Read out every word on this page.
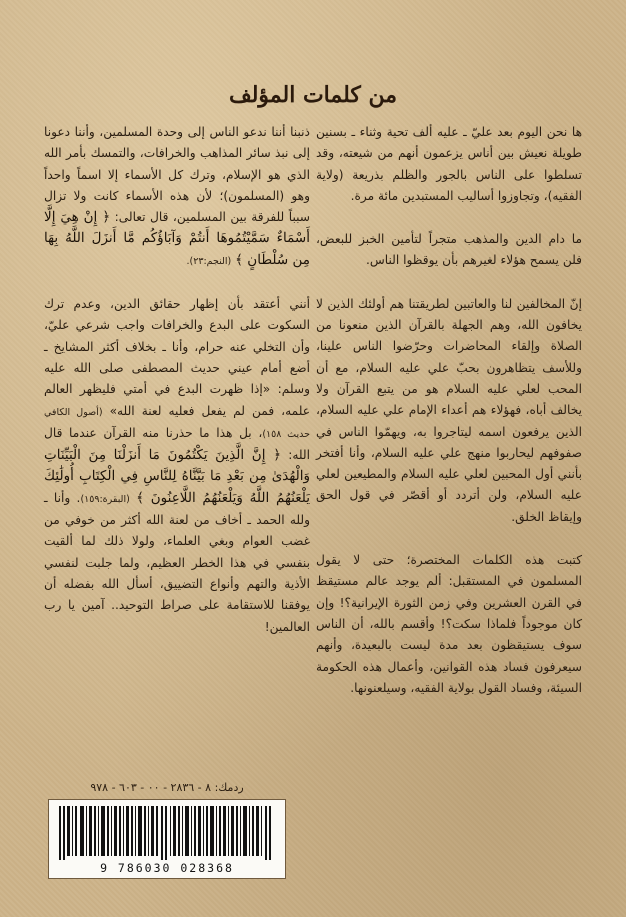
من كلمات المؤلف

ها نحن اليوم بعد عليّ ـ عليه ألف تحية وثناء ـ بسنين طويلة نعيش بين أناس يزعمون أنهم من شيعته، وقد تسلطوا على الناس بالجور والظلم بذريعة (ولاية الفقيه)، وتجاوزوا أساليب المستبدين مائة مرة.

ما دام الدين والمذهب متجراً لتأمين الخبز للبعض، فلن يسمح هؤلاء لغيرهم بأن يوقظوا الناس.

إنّ المخالفين لنا والعاتبين لطريقتنا هم أولئك الذين لا يخافون الله، وهم الجهلة بالقرآن الذين منعونا من الصلاة وإلقاء المحاضرات وحرّضوا الناس علينا، وللأسف يتظاهرون بحبّ علي عليه السلام، مع أن المحب لعلي عليه السلام هو من يتبع القرآن ولا يخالف أباه، فهؤلاء هم أعداء الإمام علي عليه السلام، الذين يرفعون اسمه ليتاجروا به، ويهمّوا الناس في صفوفهم ليحاربوا منهج علي عليه السلام، وأنا أفتخر بأنني أول المحبين لعلي عليه السلام والمطيعين لعلي عليه السلام، ولن أتردد أو أقصّر في قول الحق وإيقاظ الخلق.

كتبت هذه الكلمات المختصرة؛ حتى لا يقول المسلمون في المستقبل: ألم يوجد عالم مستيقظ في القرن العشرين وفي زمن الثورة الإيرانية؟! وإن كان موجوداً فلماذا سكت؟! وأقسم بالله، أن الناس سوف يستيقظون بعد مدة ليست بالبعيدة، وأنهم سيعرفون فساد هذه القوانين، وأعمال هذه الحكومة السيئة، وفساد القول بولاية الفقيه، وسيلعنونها.

ذنبنا أننا ندعو الناس إلى وحدة المسلمين، وأننا دعونا إلى نبذ سائر المذاهب والخرافات، والتمسك بأمر الله الذي هو الإسلام، وترك كل الأسماء إلا اسماً واحداً وهو (المسلمون)؛ لأن هذه الأسماء كانت ولا تزال سبباً للفرقة بين المسلمين، قال تعالى: ﴿ إِنْ هِيَ إِلَّا أَسْمَاءٌ سَمَّيْتُمُوهَا أَنتُمْ وَآبَاؤُكُم مَّا أَنزَلَ اللَّهُ بِهَا مِن سُلْطَانٍ ﴾ (النجم:٢٣).

أنني أعتقد بأن إظهار حقائق الدين، وعدم ترك السكوت على البدع والخرافات واجب شرعي عليّ، وأن التخلي عنه حرام، وأنا ـ بخلاف أكثر المشايخ ـ أضع أمام عيني حديث المصطفى صلى الله عليه وسلم: «إذا ظهرت البدع في أمتي فليظهر العالم علمه، فمن لم يفعل فعليه لعنة الله» (أصول الكافي حديث ١٥٨)، بل هذا ما حذرنا منه القرآن عندما قال الله: ﴿ إِنَّ الَّذِينَ يَكْتُمُونَ مَا أَنزَلْنَا مِنَ الْبَيِّنَاتِ وَالْهُدَىٰ مِن بَعْدِ مَا بَيَّنَّاهُ لِلنَّاسِ فِي الْكِتَابِ أُولَٰئِكَ يَلْعَنُهُمُ اللَّهُ وَيَلْعَنُهُمُ اللَّاعِنُونَ ﴾ (البقرة:١٥٩). وأنا ـ ولله الحمد ـ أخاف من لعنة الله أكثر من خوفي من غضب العوام وبغي العلماء، ولولا ذلك لما ألقيت بنفسي في هذا الخطر العظيم، ولما جلبت لنفسي الأذية والتهم وأنواع التضييق، أسأل الله بفضله أن يوفقنا للاستقامة على صراط التوحيد.. آمين يا رب العالمين!

ردمك: ٨ - ٢٨٣٦ - ٠٠ - ٦٠٣ - ٩٧٨
9 786030 028368
